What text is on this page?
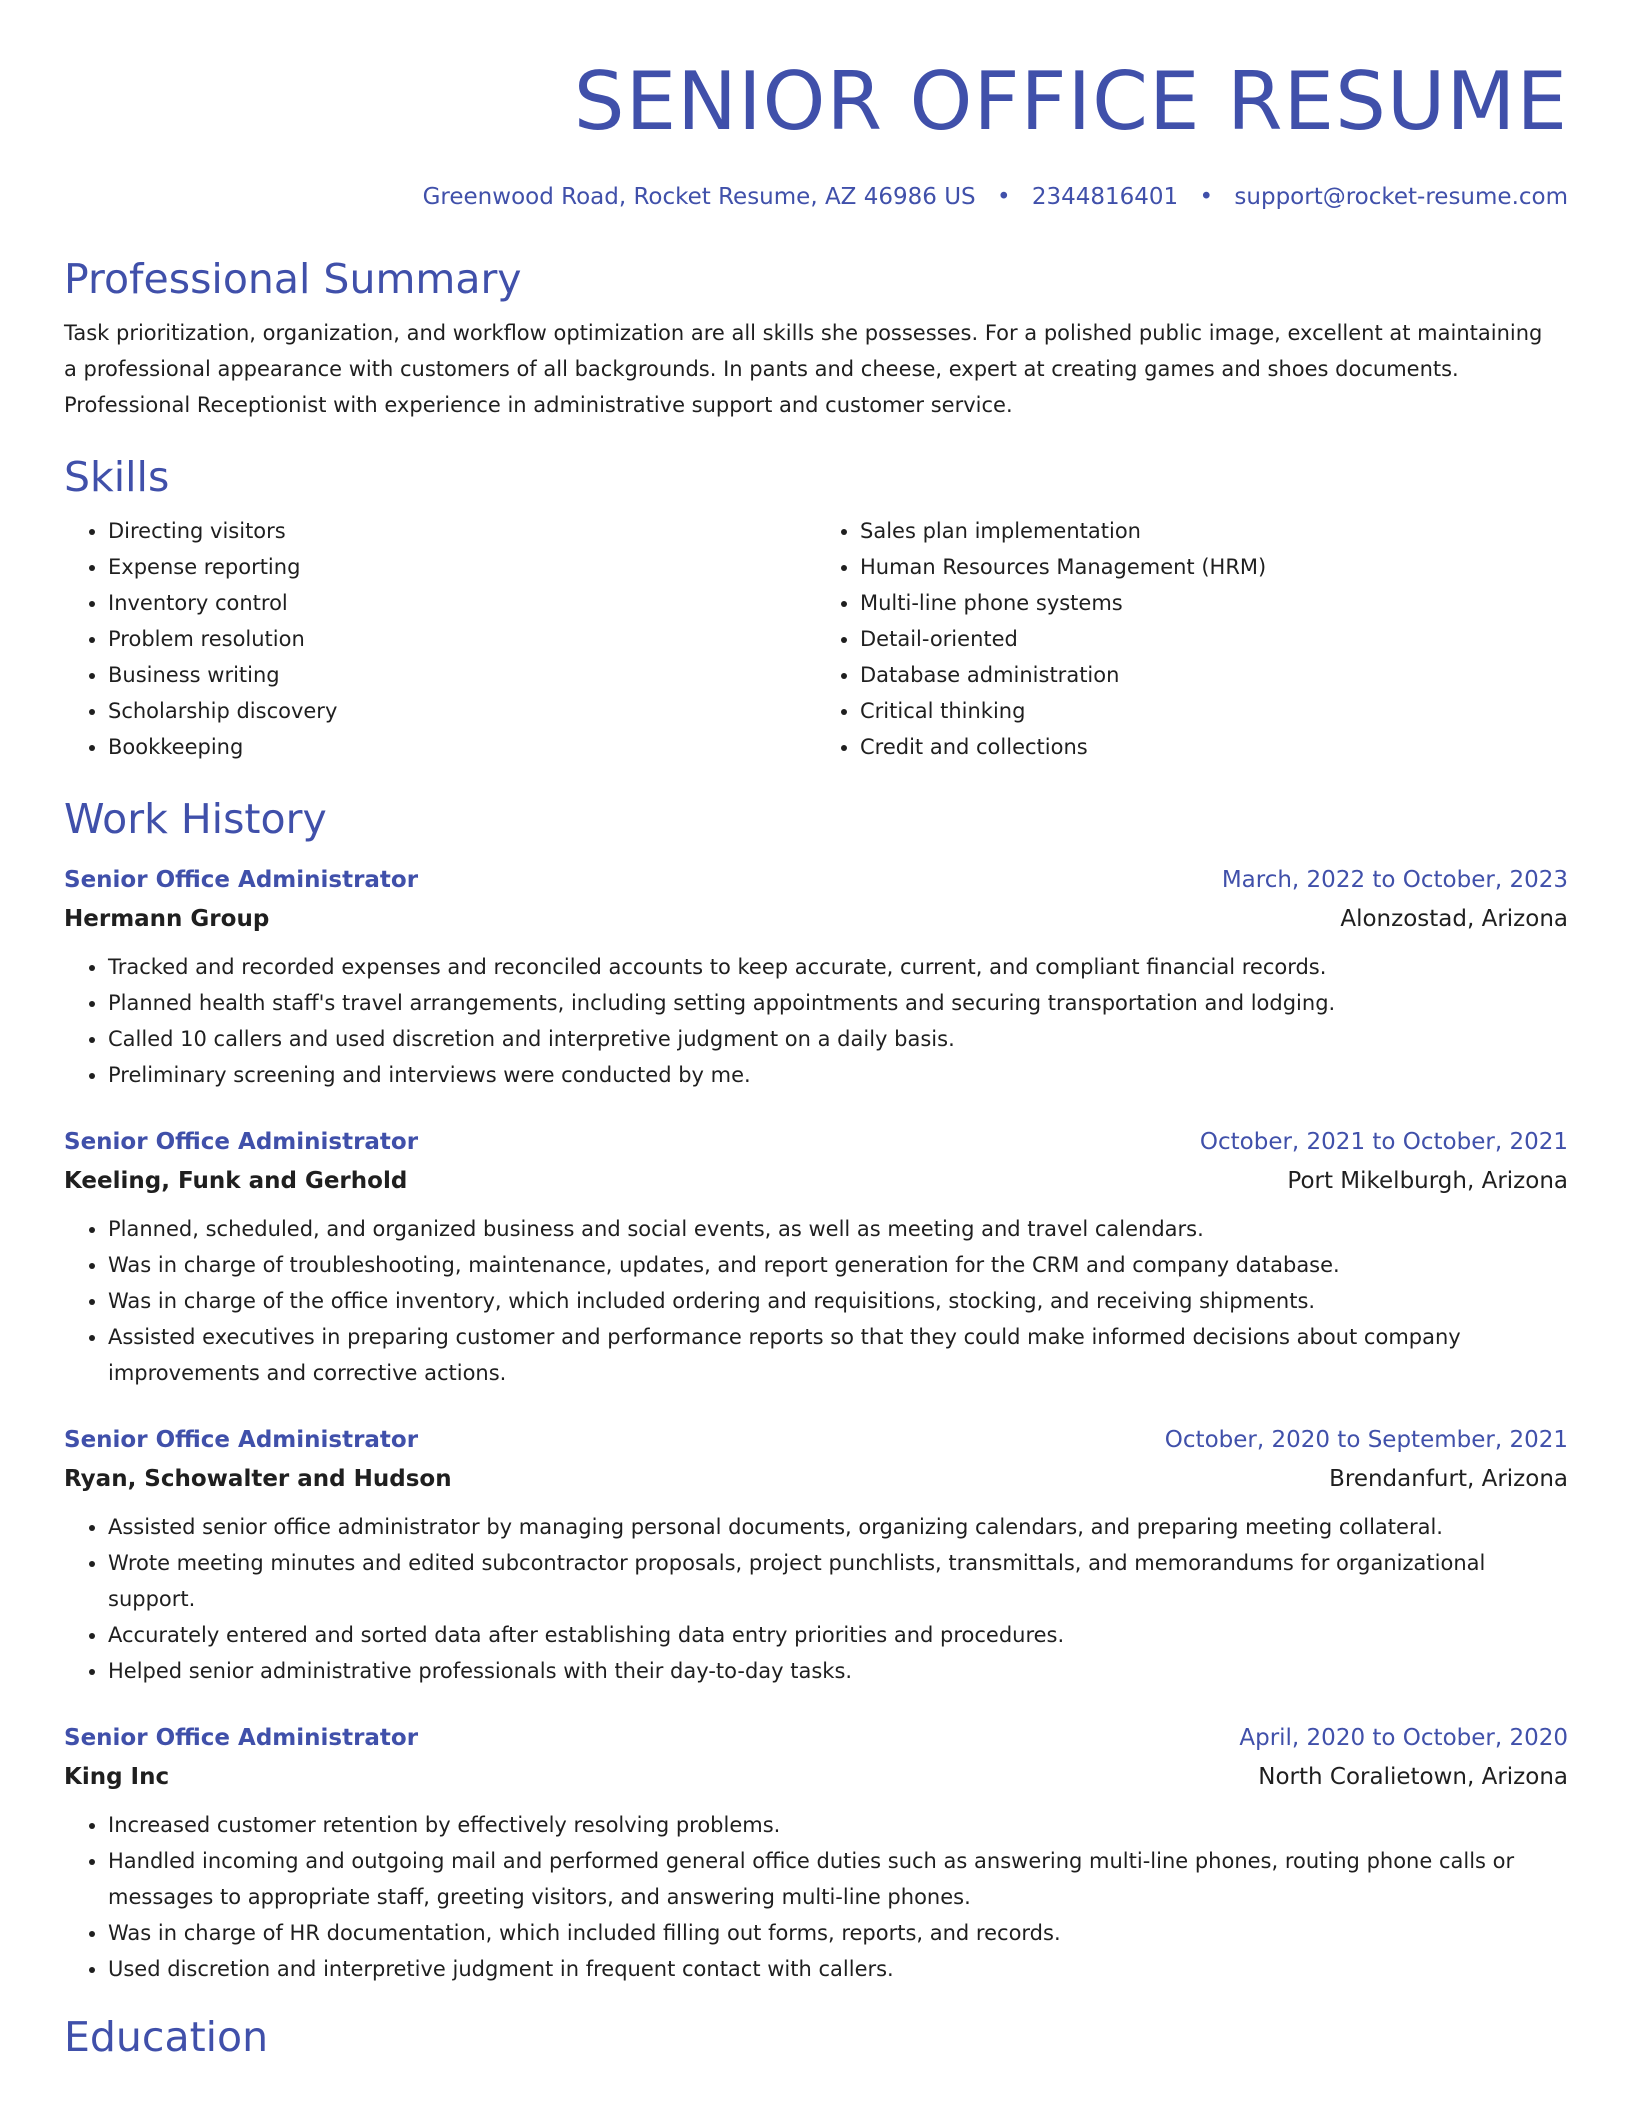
SENIOR OFFICE RESUME
Greenwood Road, Rocket Resume, AZ 46986 US • 2344816401 • support@rocket-resume.com
Professional Summary

Task prioritization, organization, and workflow optimization are all skills she possesses. For a polished public image, excellent at maintaining

a professional appearance with customers of all backgrounds. In pants and cheese, expert at creating games and shoes documents.

Professional Receptionist with experience in administrative support and customer service.

Skills
• Directing visitors
• Expense reporting
• Inventory control
• Problem resolution
• Business writing
• Scholarship discovery
• Bookkeeping
• Sales plan implementation
• Human Resources Management (HRM)
• Multi-line phone systems
• Detail-oriented
• Database administration
• Critical thinking
• Credit and collections
Work History
Senior Office Administrator	March, 2022 to October, 2023
Hermann Group	Alonzostad, Arizona
• Tracked and recorded expenses and reconciled accounts to keep accurate, current, and compliant financial records.
• Planned health staff's travel arrangements, including setting appointments and securing transportation and lodging.
• Called 10 callers and used discretion and interpretive judgment on a daily basis.
• Preliminary screening and interviews were conducted by me.
Senior Office Administrator	October, 2021 to October, 2021
Keeling, Funk and Gerhold	Port Mikelburgh, Arizona
• Planned, scheduled, and organized business and social events, as well as meeting and travel calendars.
• Was in charge of troubleshooting, maintenance, updates, and report generation for the CRM and company database.
• Was in charge of the office inventory, which included ordering and requisitions, stocking, and receiving shipments.
• Assisted executives in preparing customer and performance reports so that they could make informed decisions about company improvements and corrective actions.
Senior Office Administrator	October, 2020 to September, 2021
Ryan, Schowalter and Hudson	Brendanfurt, Arizona
• Assisted senior office administrator by managing personal documents, organizing calendars, and preparing meeting collateral.
• Wrote meeting minutes and edited subcontractor proposals, project punchlists, transmittals, and memorandums for organizational support.
• Accurately entered and sorted data after establishing data entry priorities and procedures.
• Helped senior administrative professionals with their day-to-day tasks.
Senior Office Administrator	April, 2020 to October, 2020
King Inc	North Coralietown, Arizona
• Increased customer retention by effectively resolving problems.
• Handled incoming and outgoing mail and performed general office duties such as answering multi-line phones, routing phone calls or messages to appropriate staff, greeting visitors, and answering multi-line phones.
• Was in charge of HR documentation, which included filling out forms, reports, and records.
• Used discretion and interpretive judgment in frequent contact with callers.
Education
